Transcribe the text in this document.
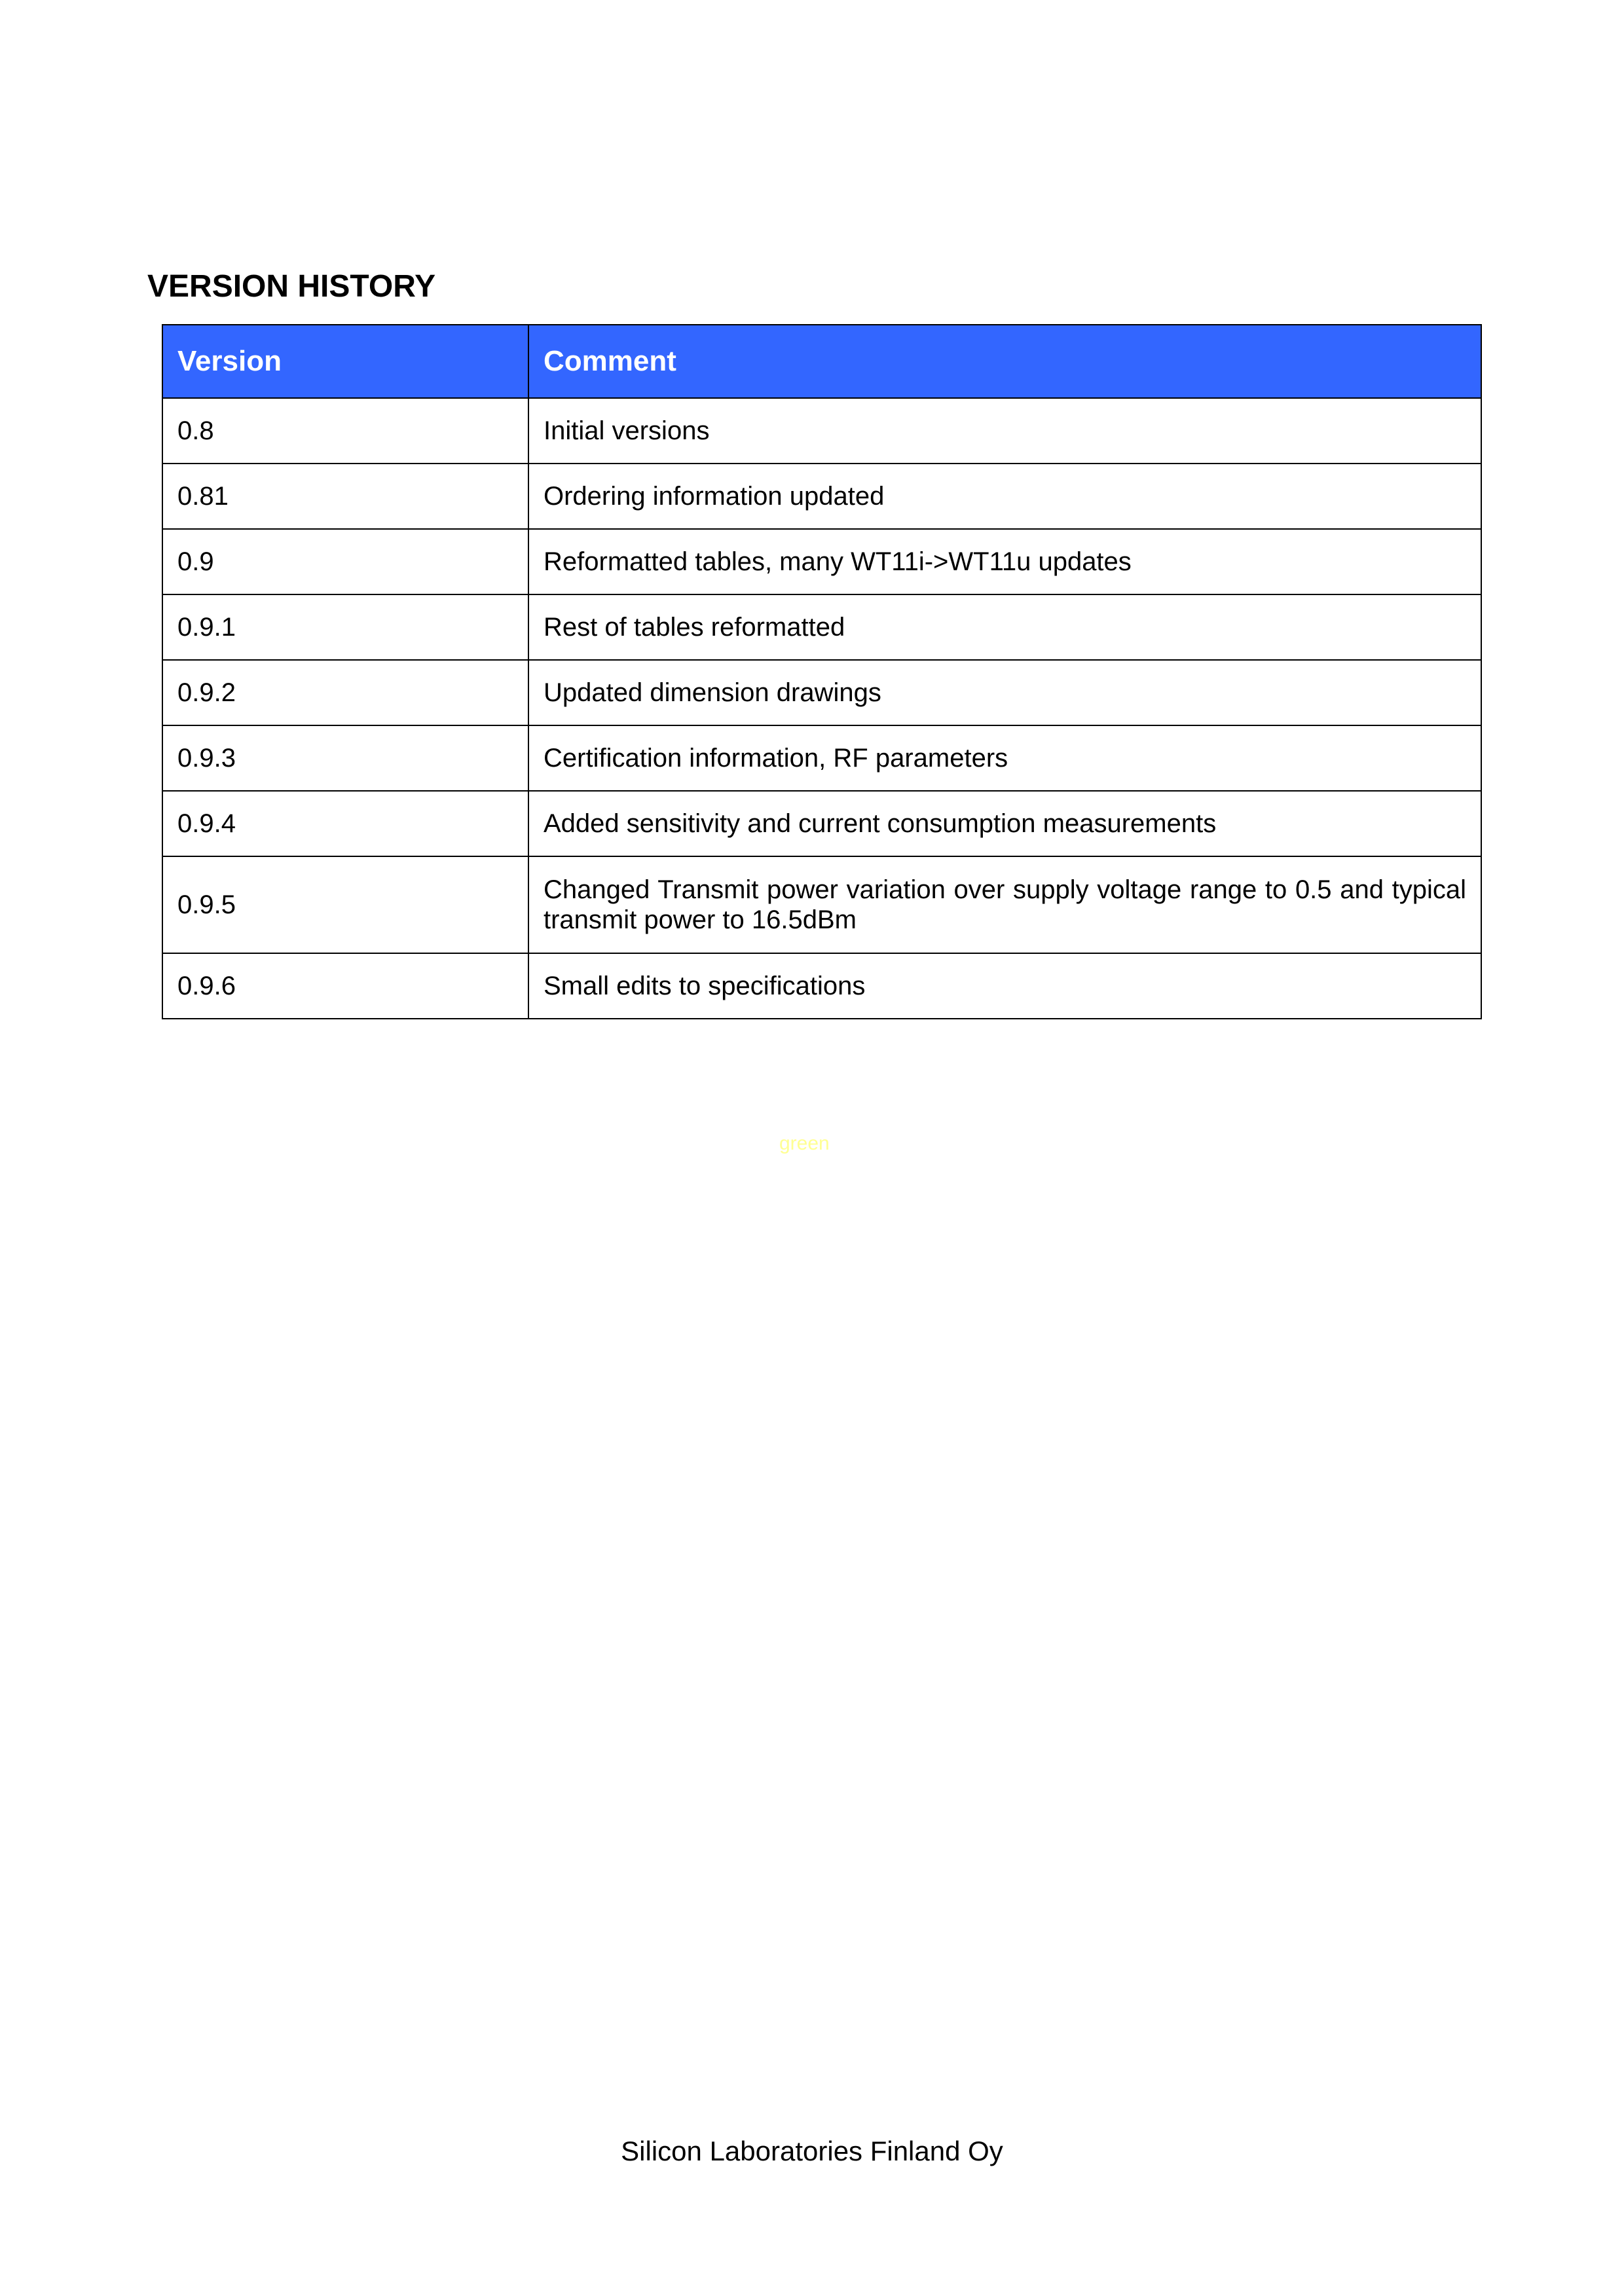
VERSION HISTORY
Version	Comment
0.8	Initial versions
0.81	Ordering information updated
0.9	Reformatted tables, many WT11i->WT11u updates
0.9.1	Rest of tables reformatted
0.9.2	Updated dimension drawings
0.9.3	Certification information, RF parameters
0.9.4	Added sensitivity and current consumption measurements
0.9.5	Changed Transmit power variation over supply voltage range to 0.5 and typical transmit power to 16.5dBm
0.9.6	Small edits to specifications
green
Silicon Laboratories Finland Oy
